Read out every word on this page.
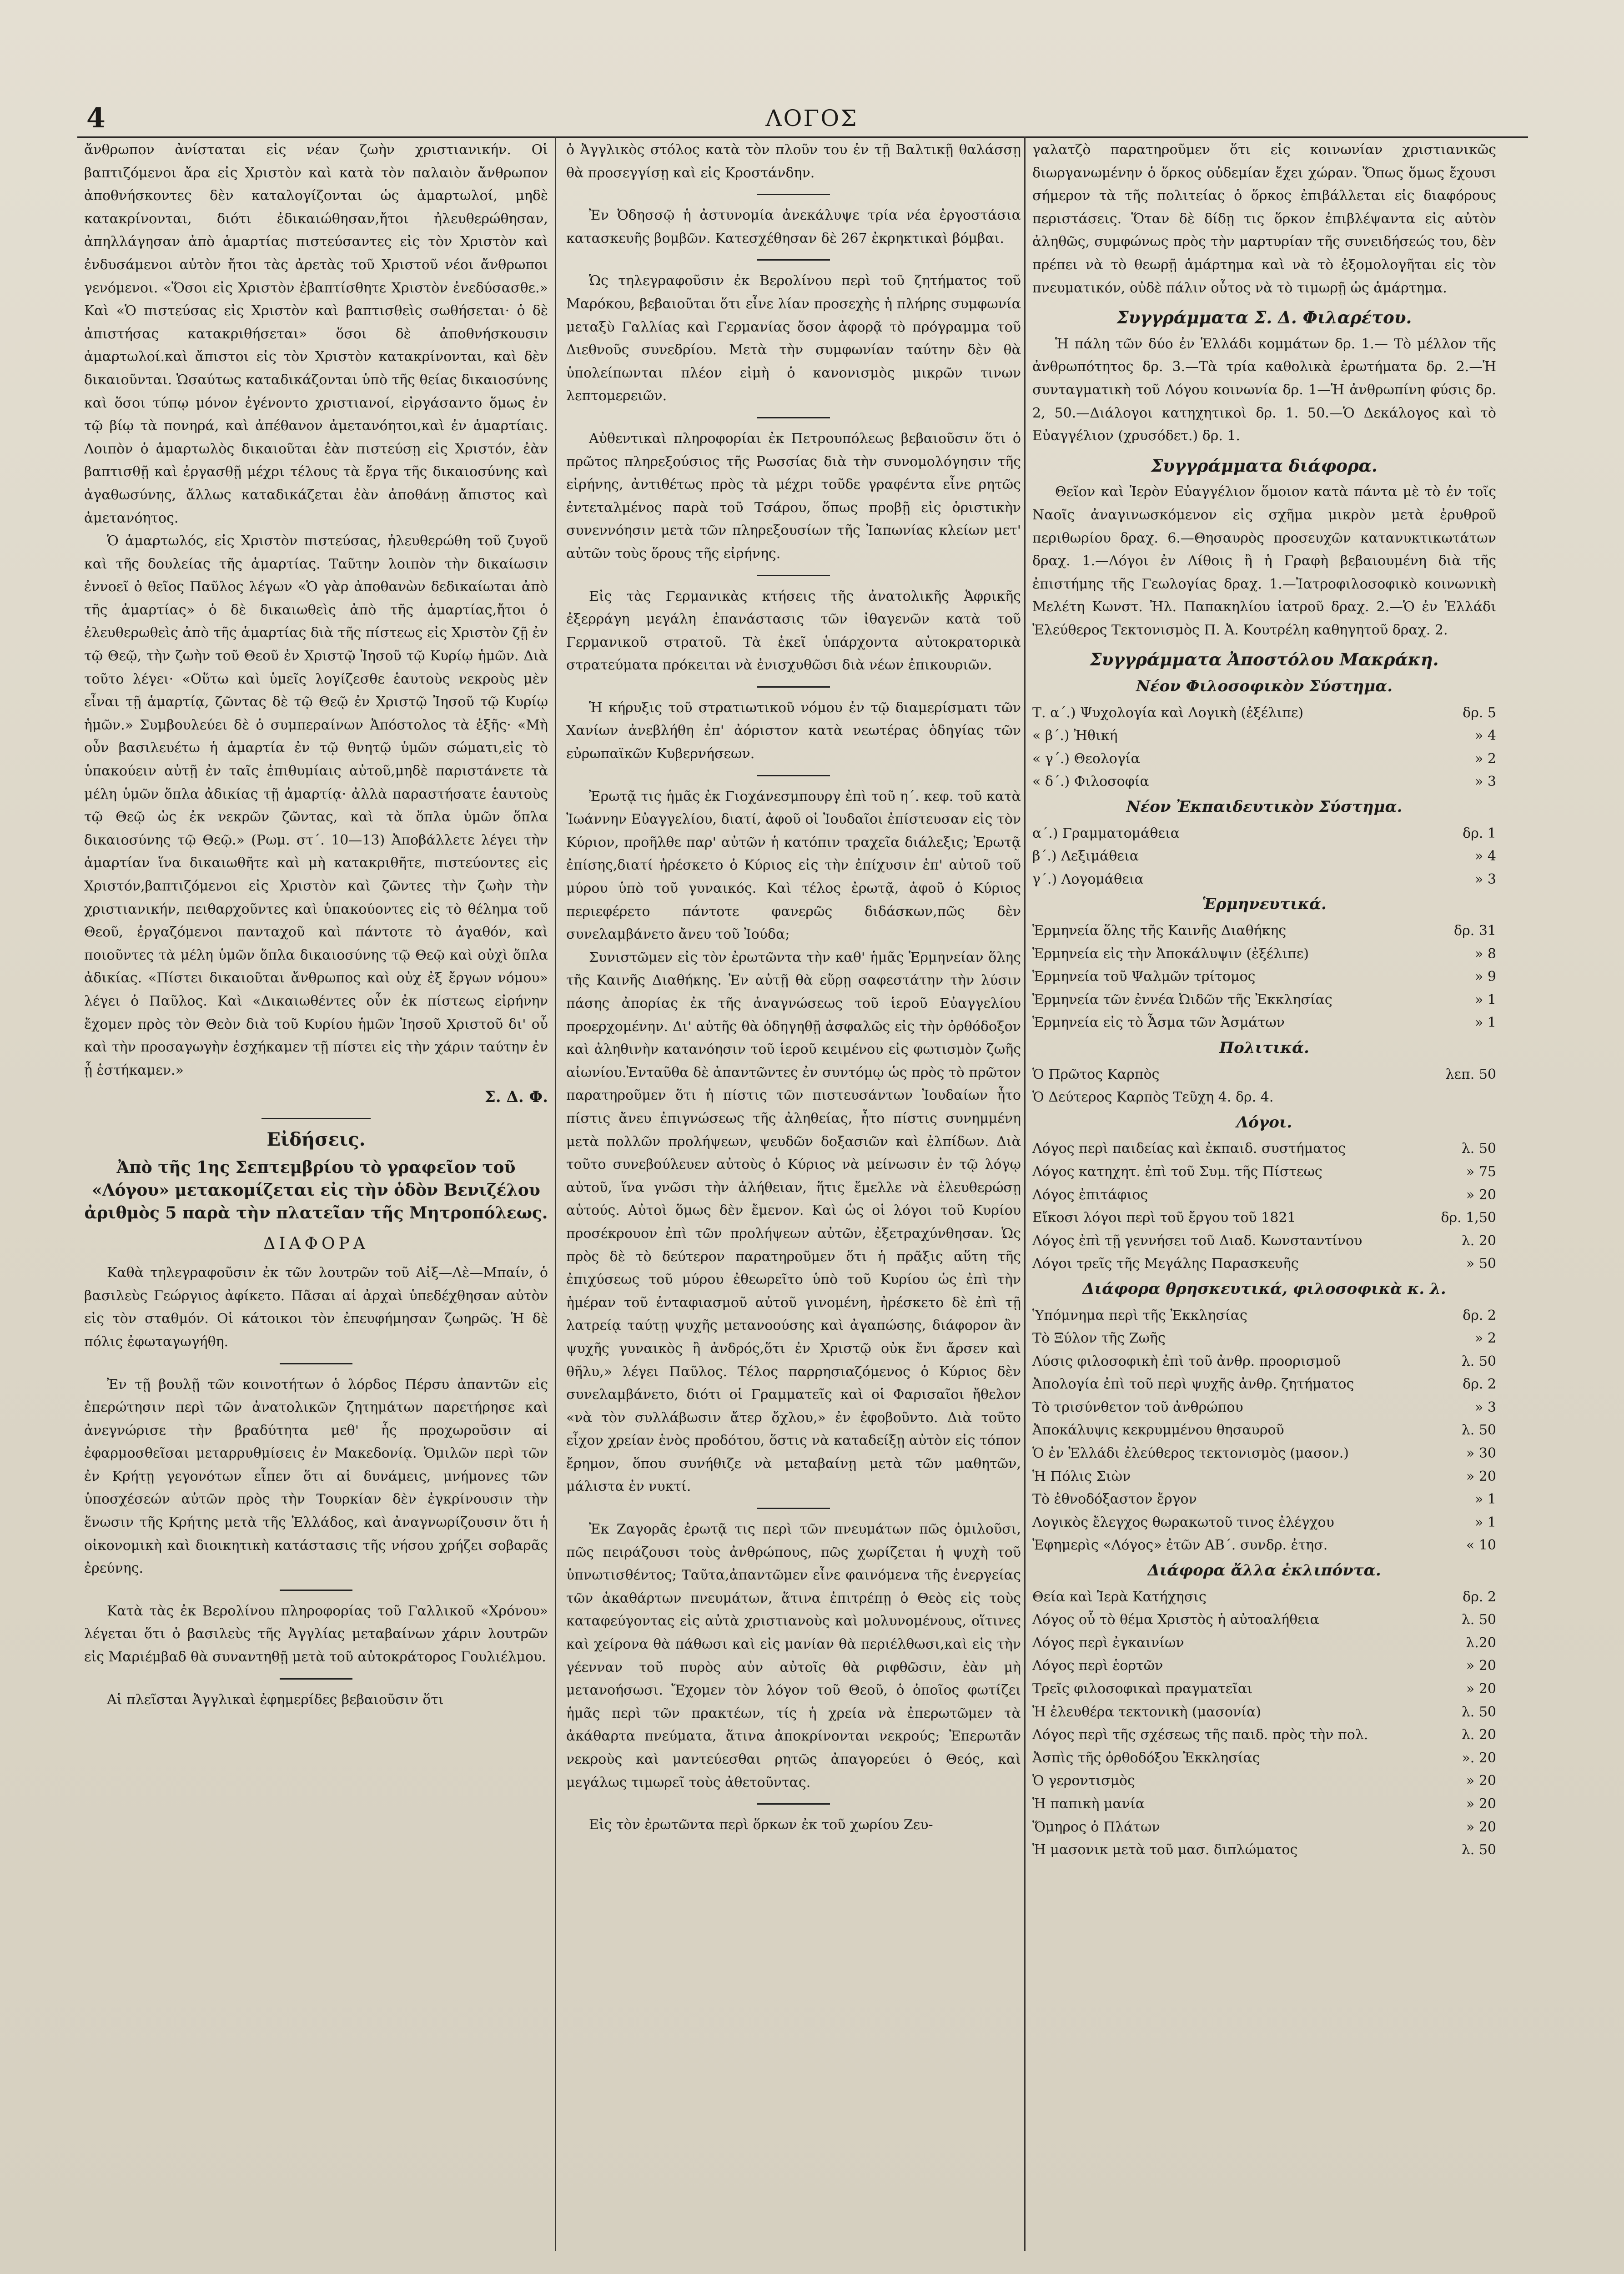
4	ΛΟΓΟΣ

ἄνθρωπον ἀνίσταται εἰς νέαν ζωὴν χριστιανικήν. Οἱ βαπτιζόμενοι ἄρα εἰς Χριστὸν καὶ κατὰ τὸν παλαιὸν ἄνθρωπον ἀποθνήσκοντες δὲν καταλογίζονται ὡς ἁμαρτωλοί, μηδὲ κατακρίνονται, διότι ἐδικαιώθησαν,ἤτοι ἠλευθερώθησαν, ἀπηλλάγησαν ἀπὸ ἁμαρτίας πιστεύσαντες εἰς τὸν Χριστὸν καὶ ἐνδυσάμενοι αὐτὸν ἤτοι τὰς ἀρετὰς τοῦ Χριστοῦ νέοι ἄνθρωποι γενόμενοι. «Ὅσοι εἰς Χριστὸν ἐβαπτίσθητε Χριστὸν ἐνεδύσασθε.» Καὶ «Ὁ πιστεύσας εἰς Χριστὸν καὶ βαπτισθεὶς σωθήσεται· ὁ δὲ ἀπιστήσας κατακριθήσεται» ὅσοι δὲ ἀποθνήσκουσιν ἁμαρτωλοί.καὶ ἄπιστοι εἰς τὸν Χριστὸν κατακρίνονται, καὶ δὲν δικαιοῦνται. Ὡσαύτως καταδικάζονται ὑπὸ τῆς θείας δικαιοσύνης καὶ ὅσοι τύπῳ μόνον ἐγένοντο χριστιανοί, εἰργάσαντο ὅμως ἐν τῷ βίῳ τὰ πονηρά, καὶ ἀπέθανον ἀμετανόητοι,καὶ ἐν ἁμαρτίαις. Λοιπὸν ὁ ἁμαρτωλὸς δικαιοῦται ἐὰν πιστεύσῃ εἰς Χριστόν, ἐὰν βαπτισθῇ καὶ ἐργασθῇ μέχρι τέλους τὰ ἔργα τῆς δικαιοσύνης καὶ ἀγαθωσύνης, ἄλλως καταδικάζεται ἐὰν ἀποθάνῃ ἄπιστος καὶ ἀμετανόητος.

Ὁ ἁμαρτωλός, εἰς Χριστὸν πιστεύσας, ἠλευθερώθη τοῦ ζυγοῦ καὶ τῆς δουλείας τῆς ἁμαρτίας. Ταῦτην λοιπὸν τὴν δικαίωσιν ἐννοεῖ ὁ θεῖος Παῦλος λέγων «Ὁ γὰρ ἀποθανὼν δεδικαίωται ἀπὸ τῆς ἁμαρτίας» ὁ δὲ δικαιωθεὶς ἀπὸ τῆς ἁμαρτίας,ἤτοι ὁ ἐλευθερωθεὶς ἀπὸ τῆς ἁμαρτίας διὰ τῆς πίστεως εἰς Χριστὸν ζῇ ἐν τῷ Θεῷ, τὴν ζωὴν τοῦ Θεοῦ ἐν Χριστῷ Ἰησοῦ τῷ Κυρίῳ ἡμῶν. Διὰ τοῦτο λέγει· «Οὕτω καὶ ὑμεῖς λογίζεσθε ἑαυτοὺς νεκροὺς μὲν εἶναι τῇ ἁμαρτίᾳ, ζῶντας δὲ τῷ Θεῷ ἐν Χριστῷ Ἰησοῦ τῷ Κυρίῳ ἡμῶν.» Συμβουλεύει δὲ ὁ συμπεραίνων Ἀπόστολος τὰ ἑξῆς· «Μὴ οὖν βασιλευέτω ἡ ἁμαρτία ἐν τῷ θνητῷ ὑμῶν σώματι,εἰς τὸ ὑπακούειν αὐτῇ ἐν ταῖς ἐπιθυμίαις αὐτοῦ,μηδὲ παριστάνετε τὰ μέλη ὑμῶν ὅπλα ἀδικίας τῇ ἁμαρτίᾳ· ἀλλὰ παραστήσατε ἑαυτοὺς τῷ Θεῷ ὡς ἐκ νεκρῶν ζῶντας, καὶ τὰ ὅπλα ὑμῶν ὅπλα δικαιοσύνης τῷ Θεῷ.» (Ρωμ. στ΄. 10—13) Ἀποβάλλετε λέγει τὴν ἁμαρτίαν ἵνα δικαιωθῆτε καὶ μὴ κατακριθῆτε, πιστεύοντες εἰς Χριστόν,βαπτιζόμενοι εἰς Χριστὸν καὶ ζῶντες τὴν ζωὴν τὴν χριστιανικήν, πειθαρχοῦντες καὶ ὑπακούοντες εἰς τὸ θέλημα τοῦ Θεοῦ, ἐργαζόμενοι πανταχοῦ καὶ πάντοτε τὸ ἀγαθόν, καὶ ποιοῦντες τὰ μέλη ὑμῶν ὅπλα δικαιοσύνης τῷ Θεῷ καὶ οὐχὶ ὅπλα ἀδικίας. «Πίστει δικαιοῦται ἄνθρωπος καὶ οὐχ ἐξ ἔργων νόμου» λέγει ὁ Παῦλος. Καὶ «Δικαιωθέντες οὖν ἐκ πίστεως εἰρήνην ἔχομεν πρὸς τὸν Θεὸν διὰ τοῦ Κυρίου ἡμῶν Ἰησοῦ Χριστοῦ δι' οὗ καὶ τὴν προσαγωγὴν ἐσχήκαμεν τῇ πίστει εἰς τὴν χάριν ταύτην ἐν ᾗ ἑστήκαμεν.»

Σ. Δ. Φ.
Εἰδήσεις.

Ἀπὸ τῆς 1ης Σεπτεμβρίου τὸ γραφεῖον τοῦ «Λόγου» μετακομίζεται εἰς τὴν ὁδὸν Βενιζέλου ἀριθμὸς 5 παρὰ τὴν πλατεῖαν τῆς Μητροπόλεως.

ΔΙΑΦΟΡΑ

Καθὰ τηλεγραφοῦσιν ἐκ τῶν λουτρῶν τοῦ Αἰξ—Λὲ—Μπαίν, ὁ βασιλεὺς Γεώργιος ἀφίκετο. Πᾶσαι αἱ ἀρχαὶ ὑπεδέχθησαν αὐτὸν εἰς τὸν σταθμόν. Οἱ κάτοικοι τὸν ἐπευφήμησαν ζωηρῶς. Ἡ δὲ πόλις ἐφωταγωγήθη.

Ἐν τῇ βουλῇ τῶν κοινοτήτων ὁ λόρδος Πέρσυ ἀπαντῶν εἰς ἐπερώτησιν περὶ τῶν ἀνατολικῶν ζητημάτων παρετήρησε καὶ ἀνεγνώρισε τὴν βραδύτητα μεθ' ἧς προχωροῦσιν αἱ ἐφαρμοσθεῖσαι μεταρρυθμίσεις ἐν Μακεδονίᾳ. Ὁμιλῶν περὶ τῶν ἐν Κρήτῃ γεγονότων εἶπεν ὅτι αἱ δυνάμεις, μνήμονες τῶν ὑποσχέσεών αὐτῶν πρὸς τὴν Τουρκίαν δὲν ἐγκρίνουσιν τὴν ἕνωσιν τῆς Κρήτης μετὰ τῆς Ἑλλάδος, καὶ ἀναγνωρίζουσιν ὅτι ἡ οἰκονομικὴ καὶ διοικητικὴ κατάστασις τῆς νήσου χρήζει σοβαρᾶς ἐρεύνης.

Κατὰ τὰς ἐκ Βερολίνου πληροφορίας τοῦ Γαλλικοῦ «Χρόνου» λέγεται ὅτι ὁ βασιλεὺς τῆς Ἀγγλίας μεταβαίνων χάριν λουτρῶν εἰς Μαριέμβαδ θὰ συναντηθῇ μετὰ τοῦ αὐτοκράτορος Γουλιέλμου.

Αἱ πλεῖσται Ἀγγλικαὶ ἐφημερίδες βεβαιοῦσιν ὅτι

ὁ Ἀγγλικὸς στόλος κατὰ τὸν πλοῦν του ἐν τῇ Βαλτικῇ θαλάσσῃ θὰ προσεγγίσῃ καὶ εἰς Κροστάνδην.

Ἐν Ὀδησσῷ ἡ ἀστυνομία ἀνεκάλυψε τρία νέα ἐργοστάσια κατασκευῆς βομβῶν. Κατεσχέθησαν δὲ 267 ἐκρηκτικαὶ βόμβαι.

Ὡς τηλεγραφοῦσιν ἐκ Βερολίνου περὶ τοῦ ζητήματος τοῦ Μαρόκου, βεβαιοῦται ὅτι εἶνε λίαν προσεχὴς ἡ πλήρης συμφωνία μεταξὺ Γαλλίας καὶ Γερμανίας ὅσον ἀφορᾷ τὸ πρόγραμμα τοῦ Διεθνοῦς συνεδρίου. Μετὰ τὴν συμφωνίαν ταύτην δὲν θὰ ὑπολείπωνται πλέον εἰμὴ ὁ κανονισμὸς μικρῶν τινων λεπτομερειῶν.

Αὐθεντικαὶ πληροφορίαι ἐκ Πετρουπόλεως βεβαιοῦσιν ὅτι ὁ πρῶτος πληρεξούσιος τῆς Ρωσσίας διὰ τὴν συνομολόγησιν τῆς εἰρήνης, ἀντιθέτως πρὸς τὰ μέχρι τοῦδε γραφέντα εἶνε ρητῶς ἐντεταλμένος παρὰ τοῦ Τσάρου, ὅπως προβῇ εἰς ὁριστικὴν συνεννόησιν μετὰ τῶν πληρεξουσίων τῆς Ἰαπωνίας κλείων μετ' αὐτῶν τοὺς ὅρους τῆς εἰρήνης.

Εἰς τὰς Γερμανικὰς κτήσεις τῆς ἀνατολικῆς Ἀφρικῆς ἐξερράγη μεγάλη ἐπανάστασις τῶν ἰθαγενῶν κατὰ τοῦ Γερμανικοῦ στρατοῦ. Τὰ ἐκεῖ ὑπάρχοντα αὐτοκρατορικὰ στρατεύματα πρόκειται νὰ ἐνισχυθῶσι διὰ νέων ἐπικουριῶν.

Ἡ κήρυξις τοῦ στρατιωτικοῦ νόμου ἐν τῷ διαμερίσματι τῶν Χανίων ἀνεβλήθη ἐπ' ἀόριστον κατὰ νεωτέρας ὁδηγίας τῶν εὐρωπαϊκῶν Κυβερνήσεων.

Ἐρωτᾷ τις ἡμᾶς ἐκ Γιοχάνεσμπουργ ἐπὶ τοῦ η΄. κεφ. τοῦ κατὰ Ἰωάννην Εὐαγγελίου, διατί, ἀφοῦ οἱ Ἰουδαῖοι ἐπίστευσαν εἰς τὸν Κύριον, προῆλθε παρ' αὐτῶν ἡ κατόπιν τραχεῖα διάλεξις; Ἐρωτᾷ ἐπίσης,διατί ἠρέσκετο ὁ Κύριος εἰς τὴν ἐπίχυσιν ἐπ' αὐτοῦ τοῦ μύρου ὑπὸ τοῦ γυναικός. Καὶ τέλος ἐρωτᾷ, ἀφοῦ ὁ Κύριος περιεφέρετο πάντοτε φανερῶς διδάσκων,πῶς δὲν συνελαμβάνετο ἄνευ τοῦ Ἰούδα;

Συνιστῶμεν εἰς τὸν ἐρωτῶντα τὴν καθ' ἡμᾶς Ἑρμηνείαν ὅλης τῆς Καινῆς Διαθήκης. Ἐν αὐτῇ θὰ εὕρῃ σαφεστάτην τὴν λύσιν πάσης ἀπορίας ἐκ τῆς ἀναγνώσεως τοῦ ἱεροῦ Εὐαγγελίου προερχομένην. Δι' αὐτῆς θὰ ὁδηγηθῇ ἀσφαλῶς εἰς τὴν ὀρθόδοξον καὶ ἀληθινὴν κατανόησιν τοῦ ἱεροῦ κειμένου εἰς φωτισμὸν ζωῆς αἰωνίου.Ἐνταῦθα δὲ ἀπαντῶντες ἐν συντόμῳ ὡς πρὸς τὸ πρῶτον παρατηροῦμεν ὅτι ἡ πίστις τῶν πιστευσάντων Ἰουδαίων ἦτο πίστις ἄνευ ἐπιγνώσεως τῆς ἀληθείας, ἦτο πίστις συνημμένη μετὰ πολλῶν προλήψεων, ψευδῶν δοξασιῶν καὶ ἐλπίδων. Διὰ τοῦτο συνεβούλευεν αὐτοὺς ὁ Κύριος νὰ μείνωσιν ἐν τῷ λόγῳ αὐτοῦ, ἵνα γνῶσι τὴν ἀλήθειαν, ἥτις ἔμελλε νὰ ἐλευθερώσῃ αὐτούς. Αὐτοὶ ὅμως δὲν ἔμενον. Καὶ ὡς οἱ λόγοι τοῦ Κυρίου προσέκρουον ἐπὶ τῶν προλήψεων αὐτῶν, ἐξετραχύνθησαν. Ὡς πρὸς δὲ τὸ δεύτερον παρατηροῦμεν ὅτι ἡ πρᾶξις αὕτη τῆς ἐπιχύσεως τοῦ μύρου ἐθεωρεῖτο ὑπὸ τοῦ Κυρίου ὡς ἐπὶ τὴν ἡμέραν τοῦ ἐνταφιασμοῦ αὐτοῦ γινομένη, ἠρέσκετο δὲ ἐπὶ τῇ λατρείᾳ ταύτῃ ψυχῆς μετανοούσης καὶ ἀγαπώσης, διάφορον ἂν ψυχῆς γυναικὸς ἢ ἀνδρός,ὅτι ἐν Χριστῷ οὐκ ἔνι ἄρσεν καὶ θῆλυ,» λέγει Παῦλος. Τέλος παρρησιαζόμενος ὁ Κύριος δὲν συνελαμβάνετο, διότι οἱ Γραμματεῖς καὶ οἱ Φαρισαῖοι ἤθελον «νὰ τὸν συλλάβωσιν ἄτερ ὄχλου,» ἐν ἐφοβοῦντο. Διὰ τοῦτο εἶχον χρείαν ἑνὸς προδότου, ὅστις νὰ καταδείξῃ αὐτὸν εἰς τόπον ἔρημον, ὅπου συνήθιζε νὰ μεταβαίνῃ μετὰ τῶν μαθητῶν, μάλιστα ἐν νυκτί.

Ἐκ Ζαγορᾶς ἐρωτᾷ τις περὶ τῶν πνευμάτων πῶς ὁμιλοῦσι, πῶς πειράζουσι τοὺς ἀνθρώπους, πῶς χωρίζεται ἡ ψυχὴ τοῦ ὑπνωτισθέντος; Ταῦτα,ἀπαντῶμεν εἶνε φαινόμενα τῆς ἐνεργείας τῶν ἀκαθάρτων πνευμάτων, ἅτινα ἐπιτρέπῃ ὁ Θεὸς εἰς τοὺς καταφεύγοντας εἰς αὐτὰ χριστιανοὺς καὶ μολυνομένους, οἵτινες καὶ χείρονα θὰ πάθωσι καὶ εἰς μανίαν θὰ περιέλθωσι,καὶ εἰς τὴν γέενναν τοῦ πυρὸς αὐν αὐτοῖς θὰ ριφθῶσιν, ἐὰν μὴ μετανοήσωσι. Ἔχομεν τὸν λόγον τοῦ Θεοῦ, ὁ ὁποῖος φωτίζει ἡμᾶς περὶ τῶν πρακτέων, τίς ἡ χρεία νὰ ἐπερωτῶμεν τὰ ἀκάθαρτα πνεύματα, ἅτινα ἀποκρίνονται νεκρούς; Ἐπερωτᾶν νεκροὺς καὶ μαντεύεσθαι ρητῶς ἀπαγορεύει ὁ Θεός, καὶ μεγάλως τιμωρεῖ τοὺς ἀθετοῦντας.

Εἰς τὸν ἐρωτῶντα περὶ ὅρκων ἐκ τοῦ χωρίου Ζευ-

γαλατζὸ παρατηροῦμεν ὅτι εἰς κοινωνίαν χριστιανικῶς διωργανωμένην ὁ ὅρκος οὐδεμίαν ἔχει χώραν. Ὅπως ὅμως ἔχουσι σήμερον τὰ τῆς πολιτείας ὁ ὅρκος ἐπιβάλλεται εἰς διαφόρους περιστάσεις. Ὅταν δὲ δίδῃ τις ὅρκον ἐπιβλέψαντα εἰς αὐτὸν ἀληθῶς, συμφώνως πρὸς τὴν μαρτυρίαν τῆς συνειδήσεώς του, δὲν πρέπει νὰ τὸ θεωρῇ ἁμάρτημα καὶ νὰ τὸ ἐξομολογῆται εἰς τὸν πνευματικόν, οὐδὲ πάλιν οὗτος νὰ τὸ τιμωρῇ ὡς ἁμάρτημα.

Συγγράμματα Σ. Δ. Φιλαρέτου.

Ἡ πάλη τῶν δύο ἐν Ἑλλάδι κομμάτων δρ. 1.— Τὸ μέλλον τῆς ἀνθρωπότητος δρ. 3.—Τὰ τρία καθολικὰ ἐρωτήματα δρ. 2.—Ἡ συνταγματικὴ τοῦ Λόγου κοινωνία δρ. 1—Ἡ ἀνθρωπίνη φύσις δρ. 2, 50.—Διάλογοι κατηχητικοὶ δρ. 1. 50.—Ὁ Δεκάλογος καὶ τὸ Εὐαγγέλιον (χρυσόδετ.) δρ. 1.

Συγγράμματα διάφορα.

Θεῖον καὶ Ἱερὸν Εὐαγγέλιον ὅμοιον κατὰ πάντα μὲ τὸ ἐν τοῖς Ναοῖς ἀναγινωσκόμενον εἰς σχῆμα μικρὸν μετὰ ἐρυθροῦ περιθωρίου δραχ. 6.—Θησαυρὸς προσευχῶν κατανυκτικωτάτων δραχ. 1.—Λόγοι ἐν Λίθοις ἢ ἡ Γραφὴ βεβαιουμένη διὰ τῆς ἐπιστήμης τῆς Γεωλογίας δραχ. 1.—Ἰατροφιλοσοφικὸ κοινωνικὴ Μελέτη Κωνστ. Ἠλ. Παπακηλίου ἰατροῦ δραχ. 2.—Ὁ ἐν Ἑλλάδι Ἐλεύθερος Τεκτονισμὸς Π. Ἀ. Κουτρέλη καθηγητοῦ δραχ. 2.

Συγγράμματα Ἀποστόλου Μακράκη.
Νέον Φιλοσοφικὸν Σύστημα.
Τ. α΄.) Ψυχολογία καὶ Λογικὴ (ἐξέλιπε)	δρ. 5
« β΄.) Ἠθική	» 4
« γ΄.) Θεολογία	» 2
« δ΄.) Φιλοσοφία	» 3
Νέον Ἐκπαιδευτικὸν Σύστημα.
α΄.) Γραμματομάθεια	δρ. 1
β΄.) Λεξιμάθεια	» 4
γ΄.) Λογομάθεια	» 3
Ἑρμηνευτικά.
Ἑρμηνεία ὅλης τῆς Καινῆς Διαθήκης	δρ. 31
Ἑρμηνεία εἰς τὴν Ἀποκάλυψιν (ἐξέλιπε)	» 8
Ἑρμηνεία τοῦ Ψαλμῶν τρίτομος	» 9
Ἑρμηνεία τῶν ἐννέα Ὠιδῶν τῆς Ἐκκλησίας	» 1
Ἑρμηνεία εἰς τὸ Ἆσμα τῶν Ἀσμάτων	» 1
Πολιτικά.
Ὁ Πρῶτος Καρπὸς	λεπ. 50
Ὁ Δεύτερος Καρπὸς Τεῦχη 4. δρ. 4.
Λόγοι.
Λόγος περὶ παιδείας καὶ ἐκπαιδ. συστήματος	λ. 50
Λόγος κατηχητ. ἐπὶ τοῦ Συμ. τῆς Πίστεως	» 75
Λόγος ἐπιτάφιος	» 20
Εἴκοσι λόγοι περὶ τοῦ ἔργου τοῦ 1821	δρ. 1,50
Λόγος ἐπὶ τῇ γεννήσει τοῦ Διαδ. Κωνσταντίνου	λ. 20
Λόγοι τρεῖς τῆς Μεγάλης Παρασκευῆς	» 50
Διάφορα θρησκευτικά, φιλοσοφικὰ κ. λ.
Ὑπόμνημα περὶ τῆς Ἐκκλησίας	δρ. 2
Τὸ Ξύλον τῆς Ζωῆς	» 2
Λύσις φιλοσοφικὴ ἐπὶ τοῦ ἀνθρ. προορισμοῦ	λ. 50
Ἀπολογία ἐπὶ τοῦ περὶ ψυχῆς ἀνθρ. ζητήματος	δρ. 2
Τὸ τρισύνθετον τοῦ ἀνθρώπου	» 3
Ἀποκάλυψις κεκρυμμένου θησαυροῦ	λ. 50
Ὁ ἐν Ἑλλάδι ἐλεύθερος τεκτονισμὸς (μασον.)	» 30
Ἡ Πόλις Σιὼν	» 20
Τὸ ἐθνοδόξαστον ἔργον	» 1
Λογικὸς ἔλεγχος θωρακωτοῦ τινος ἐλέγχου	» 1
Ἐφημερὶς «Λόγος» ἐτῶν ΑΒ΄. συνδρ. ἐτησ.	« 10
Διάφορα ἄλλα ἐκλιπόντα.
Θεία καὶ Ἱερὰ Κατήχησις	δρ. 2
Λόγος οὗ τὸ θέμα Χριστὸς ἡ αὐτοαλήθεια	λ. 50
Λόγος περὶ ἐγκαινίων	λ.20
Λόγος περὶ ἑορτῶν	» 20
Τρεῖς φιλοσοφικαὶ πραγματεῖαι	» 20
Ἡ ἐλευθέρα τεκτονικὴ (μασονία)	λ. 50
Λόγος περὶ τῆς σχέσεως τῆς παιδ. πρὸς τὴν πολ.	λ. 20
Ἀσπὶς τῆς ὀρθοδόξου Ἐκκλησίας	». 20
Ὁ γεροντισμὸς	» 20
Ἡ παπικὴ μανία	» 20
Ὅμηρος ὁ Πλάτων	» 20
Ἡ μασονικ μετὰ τοῦ μασ. διπλώματος	λ. 50
